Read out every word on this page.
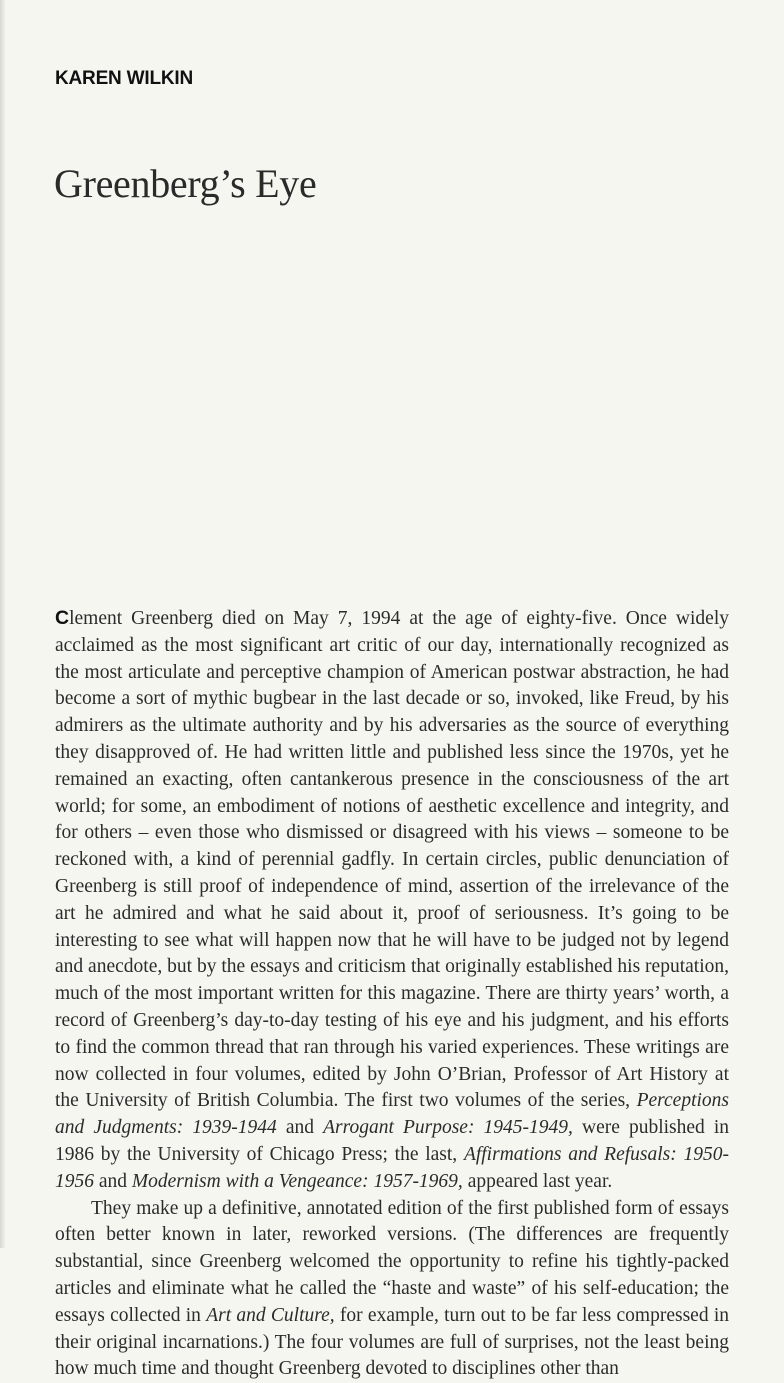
KAREN WILKIN
Greenberg’s Eye

Clement Greenberg died on May 7, 1994 at the age of eighty-five. Once widely acclaimed as the most significant art critic of our day, internationally recognized as the most articulate and perceptive champion of American postwar abstraction, he had become a sort of mythic bugbear in the last decade or so, invoked, like Freud, by his admirers as the ultimate authority and by his adversaries as the source of everything they disapproved of. He had written little and published less since the 1970s, yet he remained an exacting, often cantankerous presence in the consciousness of the art world; for some, an embodiment of notions of aesthetic excellence and integrity, and for others – even those who dismissed or disagreed with his views – someone to be reckoned with, a kind of perennial gadfly. In certain circles, public denunciation of Greenberg is still proof of independence of mind, assertion of the irrelevance of the art he admired and what he said about it, proof of seriousness. It’s going to be interesting to see what will happen now that he will have to be judged not by legend and anecdote, but by the essays and criticism that originally established his reputation, much of the most important written for this magazine. There are thirty years’ worth, a record of Greenberg’s day-to-day testing of his eye and his judgment, and his efforts to find the common thread that ran through his varied experiences. These writings are now collected in four volumes, edited by John O’Brian, Professor of Art History at the University of British Columbia. The first two volumes of the series, Perceptions and Judgments: 1939-1944 and Arrogant Purpose: 1945-1949, were published in 1986 by the University of Chicago Press; the last, Affirmations and Refusals: 1950-1956 and Modernism with a Vengeance: 1957-1969, appeared last year.

They make up a definitive, annotated edition of the first published form of essays often better known in later, reworked versions. (The differences are frequently substantial, since Greenberg welcomed the opportunity to refine his tightly-packed articles and eliminate what he called the “haste and waste” of his self-education; the essays collected in Art and Culture, for example, turn out to be far less compressed in their original incarnations.) The four volumes are full of surprises, not the least being how much time and thought Greenberg devoted to disciplines other than
